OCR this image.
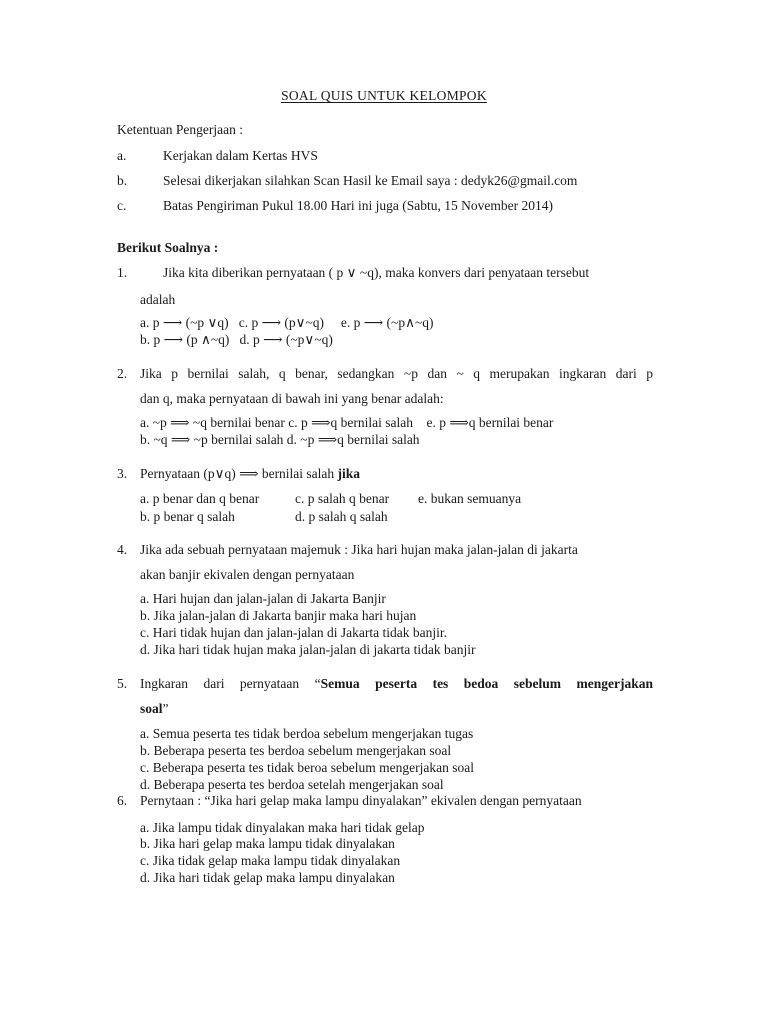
SOAL QUIS UNTUK KELOMPOK
Ketentuan Pengerjaan :
a.	Kerjakan dalam Kertas HVS
b.	Selesai dikerjakan silahkan Scan Hasil ke Email saya : dedyk26@gmail.com
c.	Batas Pengiriman Pukul 18.00 Hari ini juga (Sabtu, 15 November 2014)
Berikut Soalnya :
1.	Jika kita diberikan pernyataan ( p ∨ ~q), maka konvers dari penyataan tersebut
adalah
a. p ⟶ (~p ∨q)   c. p ⟶ (p∨~q)     e. p ⟶ (~p∧~q)
b. p ⟶ (p ∧~q)   d. p ⟶ (~p∨~q)
2. Jika p bernilai salah, q benar, sedangkan ~p dan ~ q merupakan ingkaran dari p
dan q, maka pernyataan di bawah ini yang benar adalah:
a. ~p ⟹ ~q bernilai benar c. p ⟹q bernilai salah    e. p ⟹q bernilai benar
b. ~q ⟹ ~p bernilai salah d. ~p ⟹q bernilai salah
3. Pernyataan (p∨q) ⟹ bernilai salah jika
a. p benar dan q benar	c. p salah q benar e. bukan semuanya
b. p benar q salah	d. p salah q salah
4. Jika ada sebuah pernyataan majemuk : Jika hari hujan maka jalan-jalan di jakarta
akan banjir ekivalen dengan pernyataan
a. Hari hujan dan jalan-jalan di Jakarta Banjir
b. Jika jalan-jalan di Jakarta banjir maka hari hujan
c. Hari tidak hujan dan jalan-jalan di Jakarta tidak banjir.
d. Jika hari tidak hujan maka jalan-jalan di jakarta tidak banjir
5. Ingkaran dari pernyataan “Semua peserta tes bedoa sebelum mengerjakan
soal”
a. Semua peserta tes tidak berdoa sebelum mengerjakan tugas
b. Beberapa peserta tes berdoa sebelum mengerjakan soal
c. Beberapa peserta tes tidak beroa sebelum mengerjakan soal
d. Beberapa peserta tes berdoa setelah mengerjakan soal
6. Pernytaan : “Jika hari gelap maka lampu dinyalakan” ekivalen dengan pernyataan
a. Jika lampu tidak dinyalakan maka hari tidak gelap
b. Jika hari gelap maka lampu tidak dinyalakan
c. Jika tidak gelap maka lampu tidak dinyalakan
d. Jika hari tidak gelap maka lampu dinyalakan
